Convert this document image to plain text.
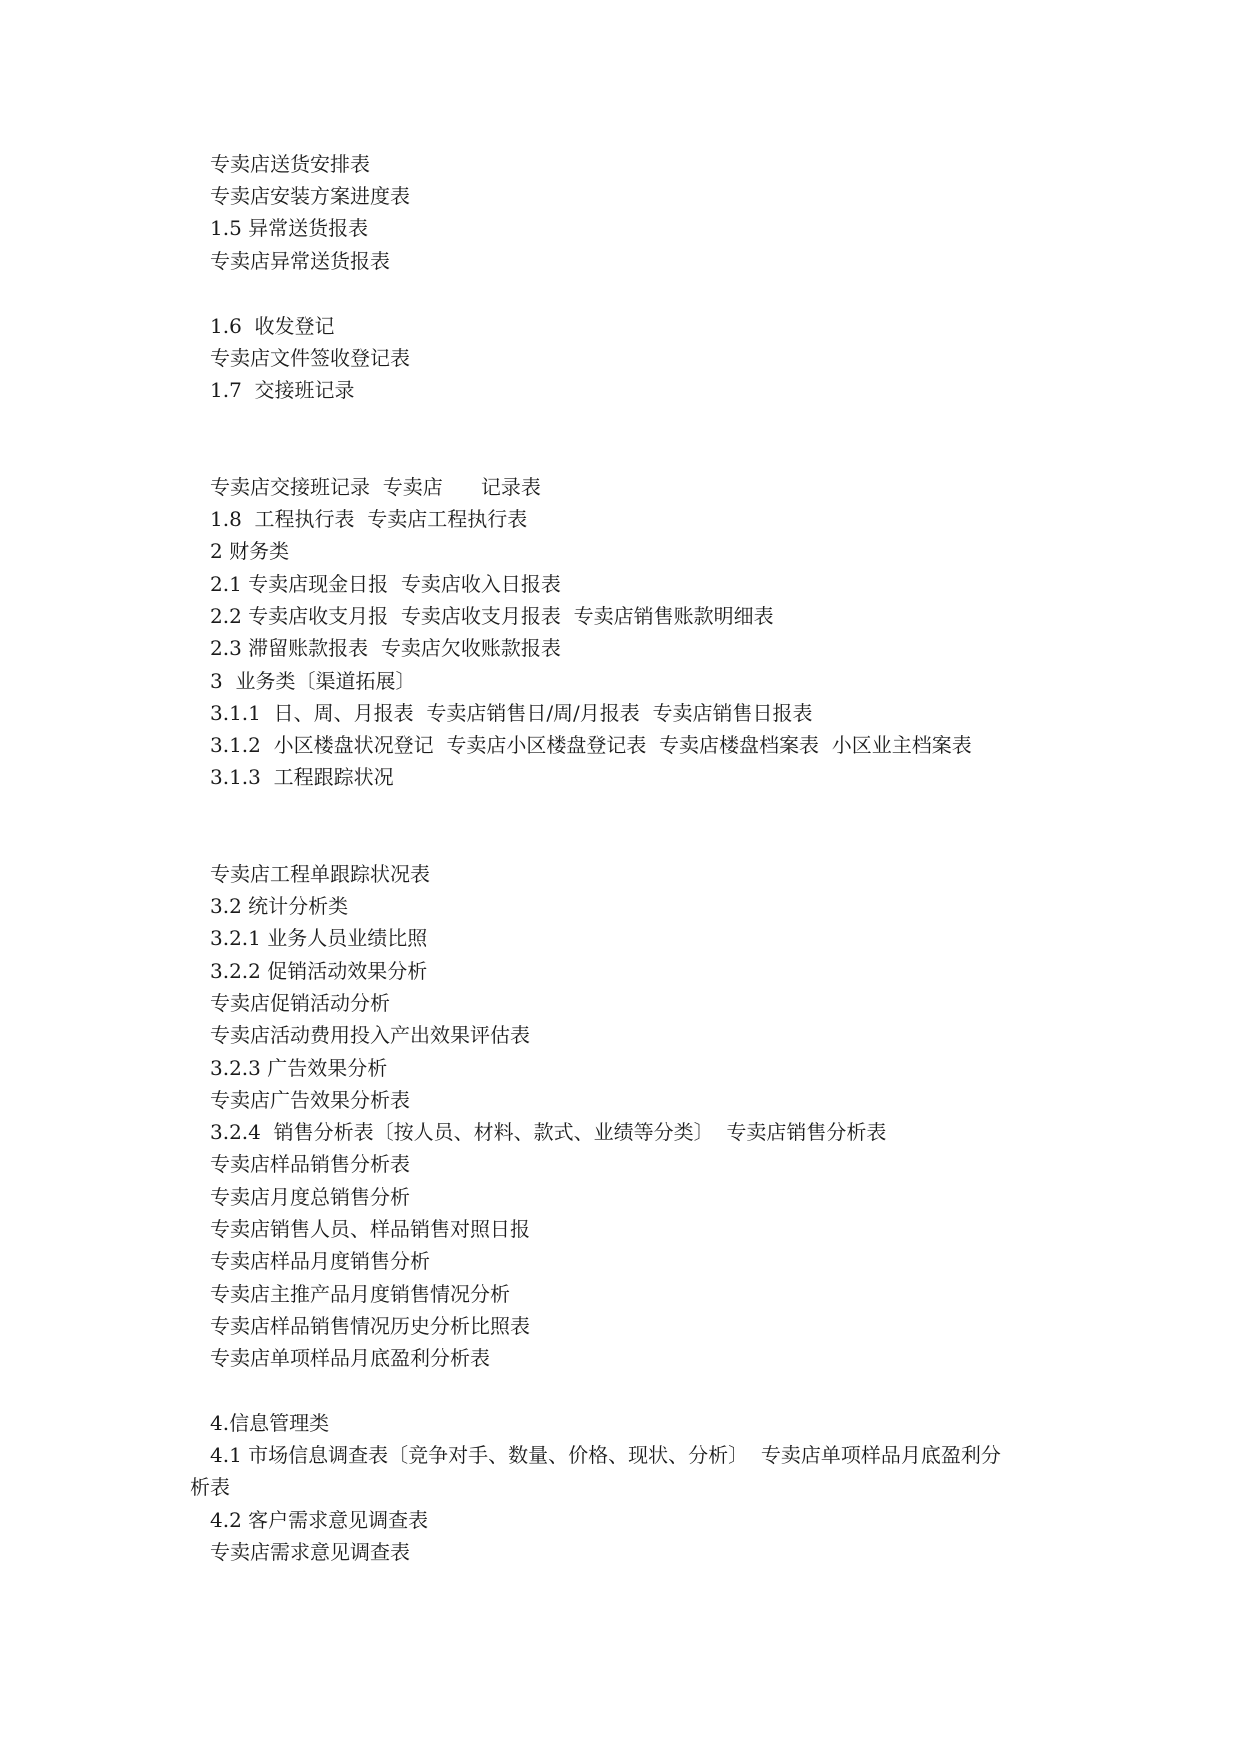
专卖店送货安排表
专卖店安装方案进度表
1.5 异常送货报表
专卖店异常送货报表
1.6  收发登记
专卖店文件签收登记表
1.7  交接班记录
专卖店交接班记录  专卖店      记录表
1.8  工程执行表  专卖店工程执行表
2 财务类
2.1 专卖店现金日报  专卖店收入日报表
2.2 专卖店收支月报  专卖店收支月报表  专卖店销售账款明细表
2.3 滞留账款报表  专卖店欠收账款报表
3  业务类〔渠道拓展〕
3.1.1  日、周、月报表  专卖店销售日/周/月报表  专卖店销售日报表
3.1.2  小区楼盘状况登记  专卖店小区楼盘登记表  专卖店楼盘档案表  小区业主档案表
3.1.3  工程跟踪状况
专卖店工程单跟踪状况表
3.2 统计分析类
3.2.1 业务人员业绩比照
3.2.2 促销活动效果分析
专卖店促销活动分析
专卖店活动费用投入产出效果评估表
3.2.3 广告效果分析
专卖店广告效果分析表
3.2.4  销售分析表〔按人员、材料、款式、业绩等分类〕  专卖店销售分析表
专卖店样品销售分析表
专卖店月度总销售分析
专卖店销售人员、样品销售对照日报
专卖店样品月度销售分析
专卖店主推产品月度销售情况分析
专卖店样品销售情况历史分析比照表
专卖店单项样品月底盈利分析表
4.信息管理类
4.1 市场信息调查表〔竞争对手、数量、价格、现状、分析〕  专卖店单项样品月底盈利分
析表
4.2 客户需求意见调查表
专卖店需求意见调查表
